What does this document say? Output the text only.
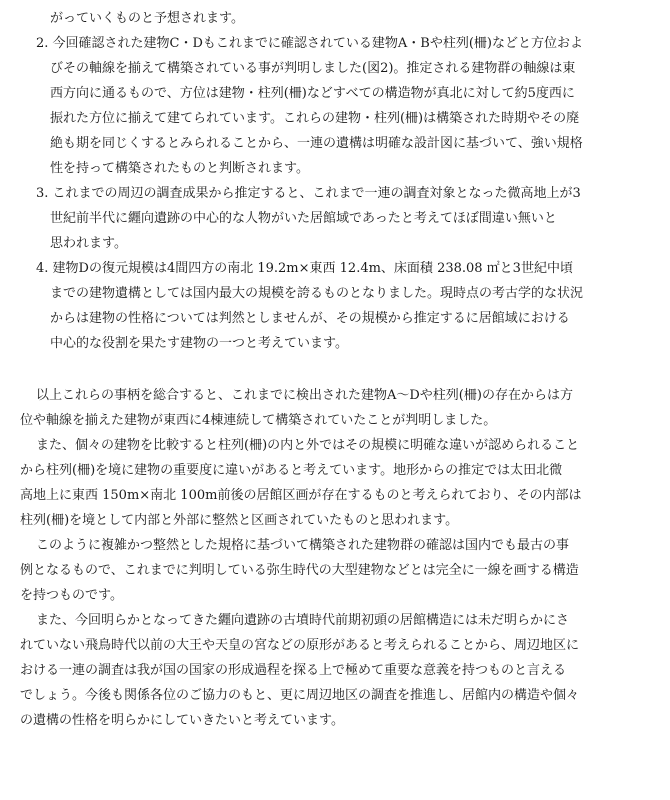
がっていくものと予想されます。
2. 今回確認された建物C・Dもこれまでに確認されている建物A・Bや柱列(柵)などと方位およ
びその軸線を揃えて構築されている事が判明しました(図2)。推定される建物群の軸線は東
西方向に通るもので、方位は建物・柱列(柵)などすべての構造物が真北に対して約5度西に
振れた方位に揃えて建てられています。これらの建物・柱列(柵)は構築された時期やその廃
絶も期を同じくするとみられることから、一連の遺構は明確な設計図に基づいて、強い規格
性を持って構築されたものと判断されます。
3. これまでの周辺の調査成果から推定すると、これまで一連の調査対象となった微高地上が3
世紀前半代に纒向遺跡の中心的な人物がいた居館域であったと考えてほぼ間違い無いと
思われます。
4. 建物Dの復元規模は4間四方の南北 19.2m×東西 12.4m、床面積 238.08 ㎡と3世紀中頃
までの建物遺構としては国内最大の規模を誇るものとなりました。現時点の考古学的な状況
からは建物の性格については判然としませんが、その規模から推定するに居館域における
中心的な役割を果たす建物の一つと考えています。
以上これらの事柄を総合すると、これまでに検出された建物A～Dや柱列(柵)の存在からは方
位や軸線を揃えた建物が東西に4棟連続して構築されていたことが判明しました。
また、個々の建物を比較すると柱列(柵)の内と外ではその規模に明確な違いが認められること
から柱列(柵)を境に建物の重要度に違いがあると考えています。地形からの推定では太田北微
高地上に東西 150m×南北 100m前後の居館区画が存在するものと考えられており、その内部は
柱列(柵)を境として内部と外部に整然と区画されていたものと思われます。
このように複雑かつ整然とした規格に基づいて構築された建物群の確認は国内でも最古の事
例となるもので、これまでに判明している弥生時代の大型建物などとは完全に一線を画する構造
を持つものです。
また、今回明らかとなってきた纒向遺跡の古墳時代前期初頭の居館構造には未だ明らかにさ
れていない飛鳥時代以前の大王や天皇の宮などの原形があると考えられることから、周辺地区に
おける一連の調査は我が国の国家の形成過程を探る上で極めて重要な意義を持つものと言える
でしょう。今後も関係各位のご協力のもと、更に周辺地区の調査を推進し、居館内の構造や個々
の遺構の性格を明らかにしていきたいと考えています。
